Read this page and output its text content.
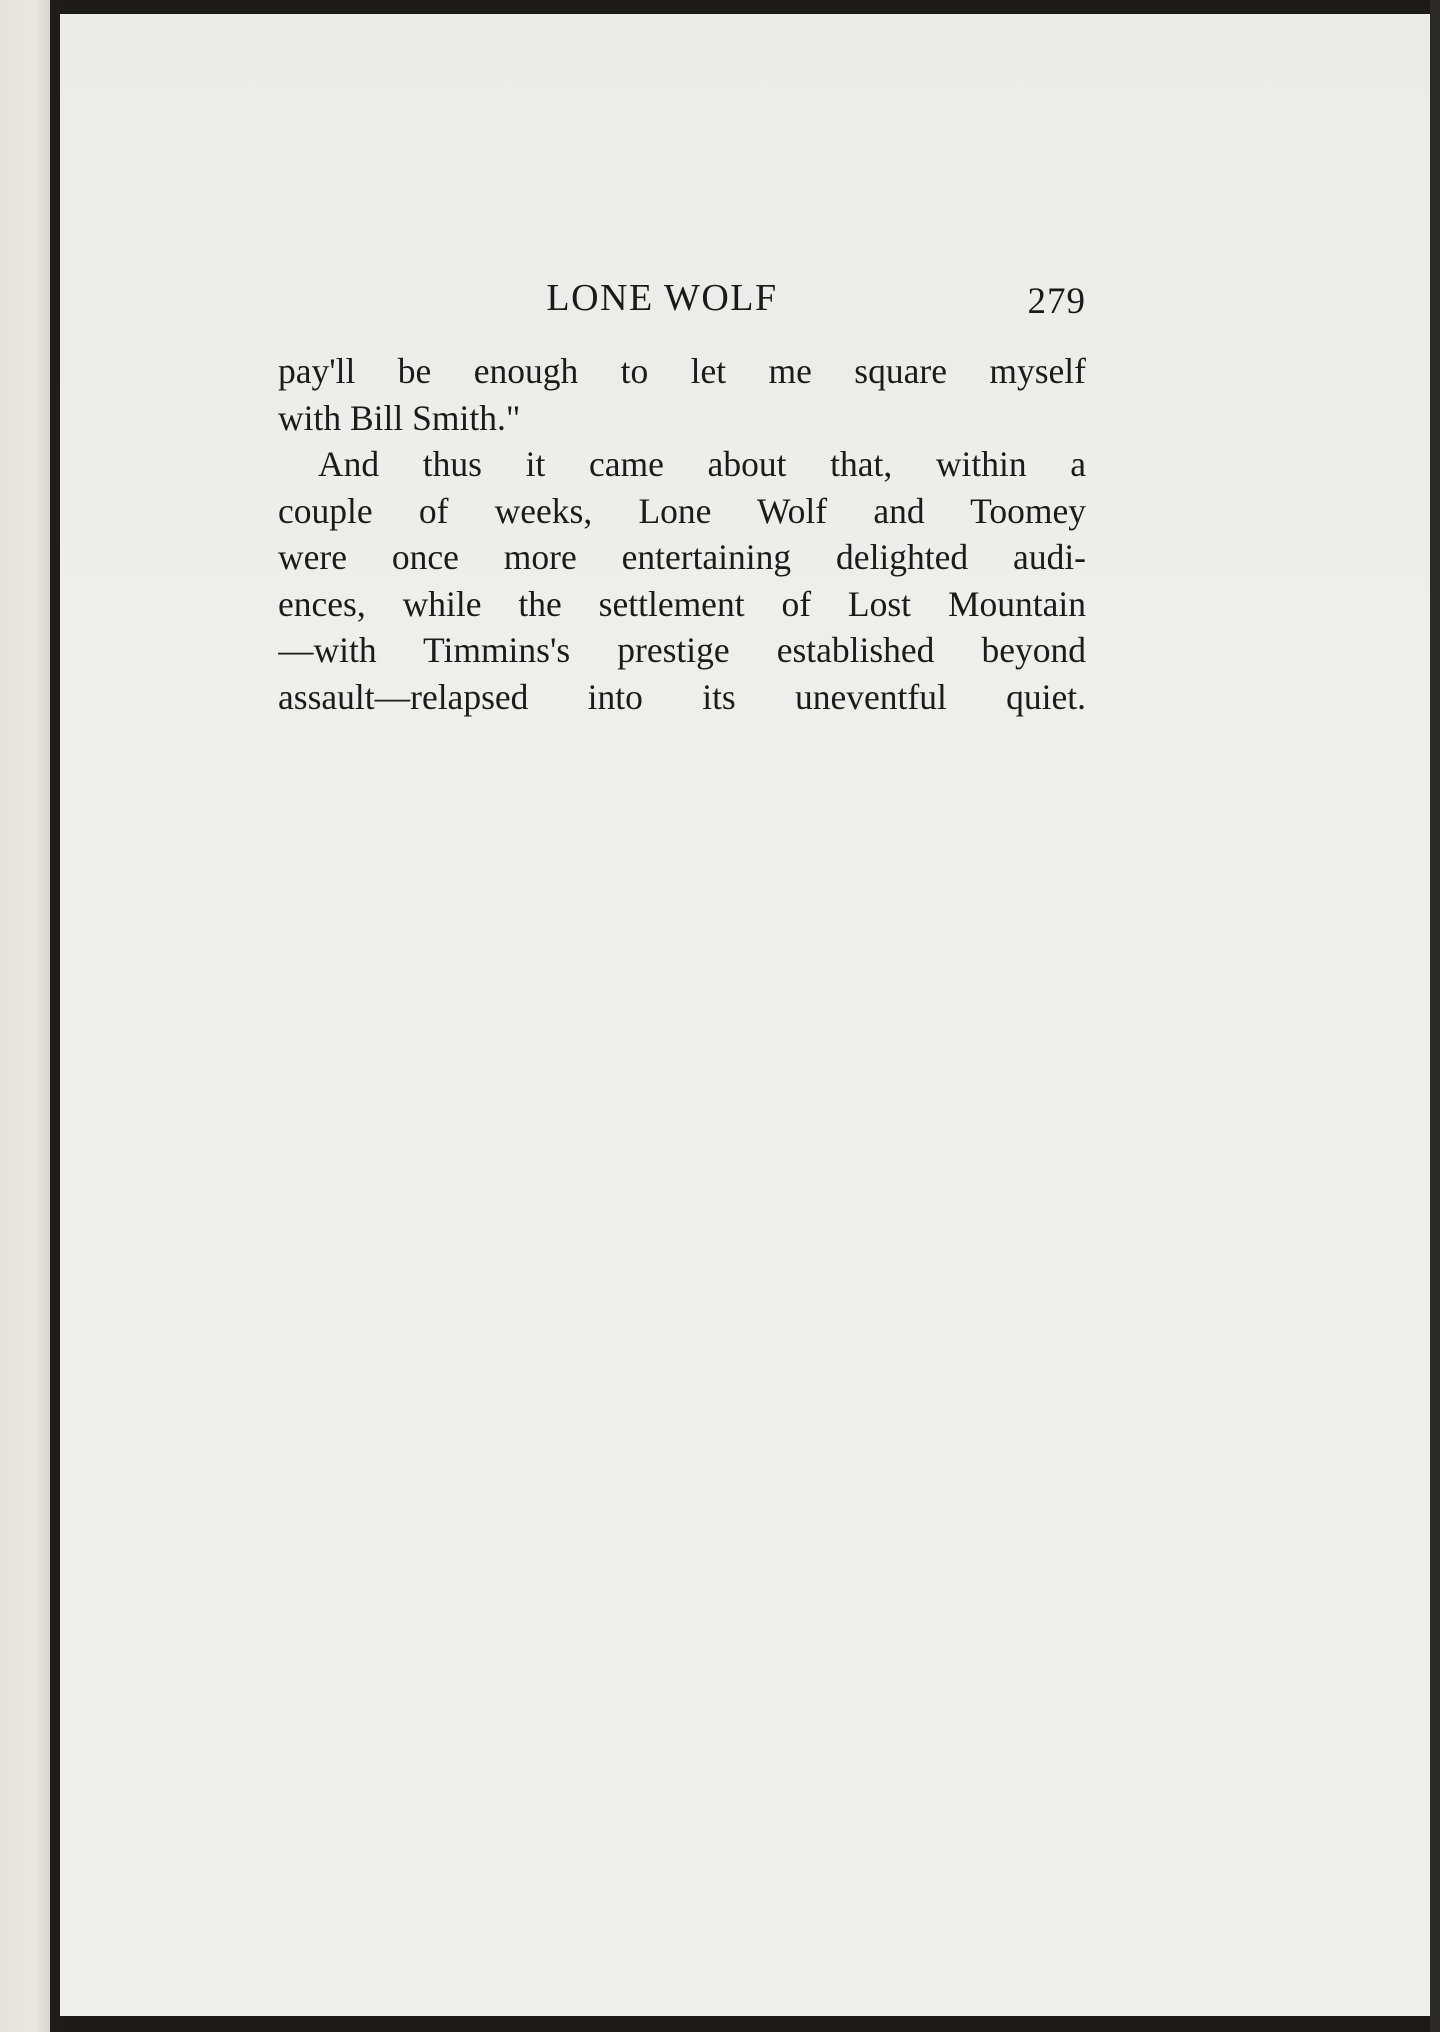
LONE WOLF	279
pay'll be enough to let me square myself
with Bill Smith."
And thus it came about that, within a
couple of weeks, Lone Wolf and Toomey
were once more entertaining delighted audi-
ences, while the settlement of Lost Mountain
—with Timmins's prestige established beyond
assault—relapsed into its uneventful quiet.
